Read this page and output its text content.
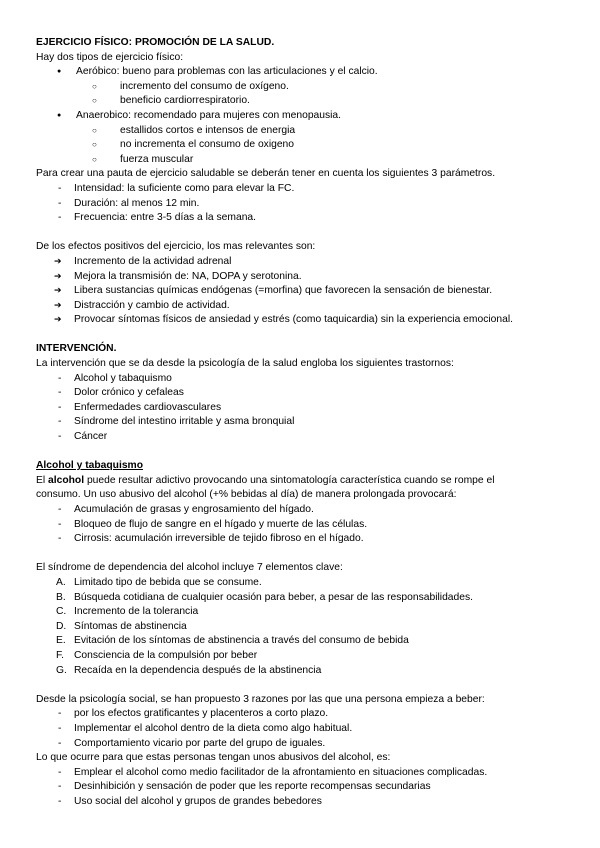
EJERCICIO FÍSICO: PROMOCIÓN DE LA SALUD.
Hay dos tipos de ejercicio físico:
● Aeróbico: bueno para problemas con las articulaciones y el calcio.
○ incremento del consumo de oxígeno.
○ beneficio cardiorrespiratorio.
● Anaerobico: recomendado para mujeres con menopausia.
○ estallidos cortos e intensos de energia
○ no incrementa el consumo de oxigeno
○ fuerza muscular
Para crear una pauta de ejercicio saludable se deberán tener en cuenta los siguientes 3 parámetros.
- Intensidad: la suficiente como para elevar la FC.
- Duración: al menos 12 min.
- Frecuencia: entre 3-5 días a la semana.
De los efectos positivos del ejercicio, los mas relevantes son:
➔ Incremento de la actividad adrenal
➔ Mejora la transmisión de: NA, DOPA y serotonina.
➔ Libera sustancias químicas endógenas (=morfina) que favorecen la sensación de bienestar.
➔ Distracción y cambio de actividad.
➔ Provocar síntomas físicos de ansiedad y estrés (como taquicardia) sin la experiencia emocional.
INTERVENCIÓN.
La intervención que se da desde la psicología de la salud engloba los siguientes trastornos:
- Alcohol y tabaquismo
- Dolor crónico y cefaleas
- Enfermedades cardiovasculares
- Síndrome del intestino irritable y asma bronquial
- Cáncer
Alcohol y tabaquismo
El alcohol puede resultar adictivo provocando una sintomatología característica cuando se rompe el
consumo. Un uso abusivo del alcohol (+% bebidas al día) de manera prolongada provocará:
- Acumulación de grasas y engrosamiento del hígado.
- Bloqueo de flujo de sangre en el hígado y muerte de las células.
- Cirrosis: acumulación irreversible de tejido fibroso en el hígado.
El síndrome de dependencia del alcohol incluye 7 elementos clave:
A. Limitado tipo de bebida que se consume.
B. Búsqueda cotidiana de cualquier ocasión para beber, a pesar de las responsabilidades.
C. Incremento de la tolerancia
D. Síntomas de abstinencia
E. Evitación de los síntomas de abstinencia a través del consumo de bebida
F. Consciencia de la compulsión por beber
G. Recaída en la dependencia después de la abstinencia
Desde la psicología social, se han propuesto 3 razones por las que una persona empieza a beber:
- por los efectos gratificantes y placenteros a corto plazo.
- Implementar el alcohol dentro de la dieta como algo habitual.
- Comportamiento vicario por parte del grupo de iguales.
Lo que ocurre para que estas personas tengan unos abusivos del alcohol, es:
- Emplear el alcohol como medio facilitador de la afrontamiento en situaciones complicadas.
- Desinhibición y sensación de poder que les reporte recompensas secundarias
- Uso social del alcohol y grupos de grandes bebedores
